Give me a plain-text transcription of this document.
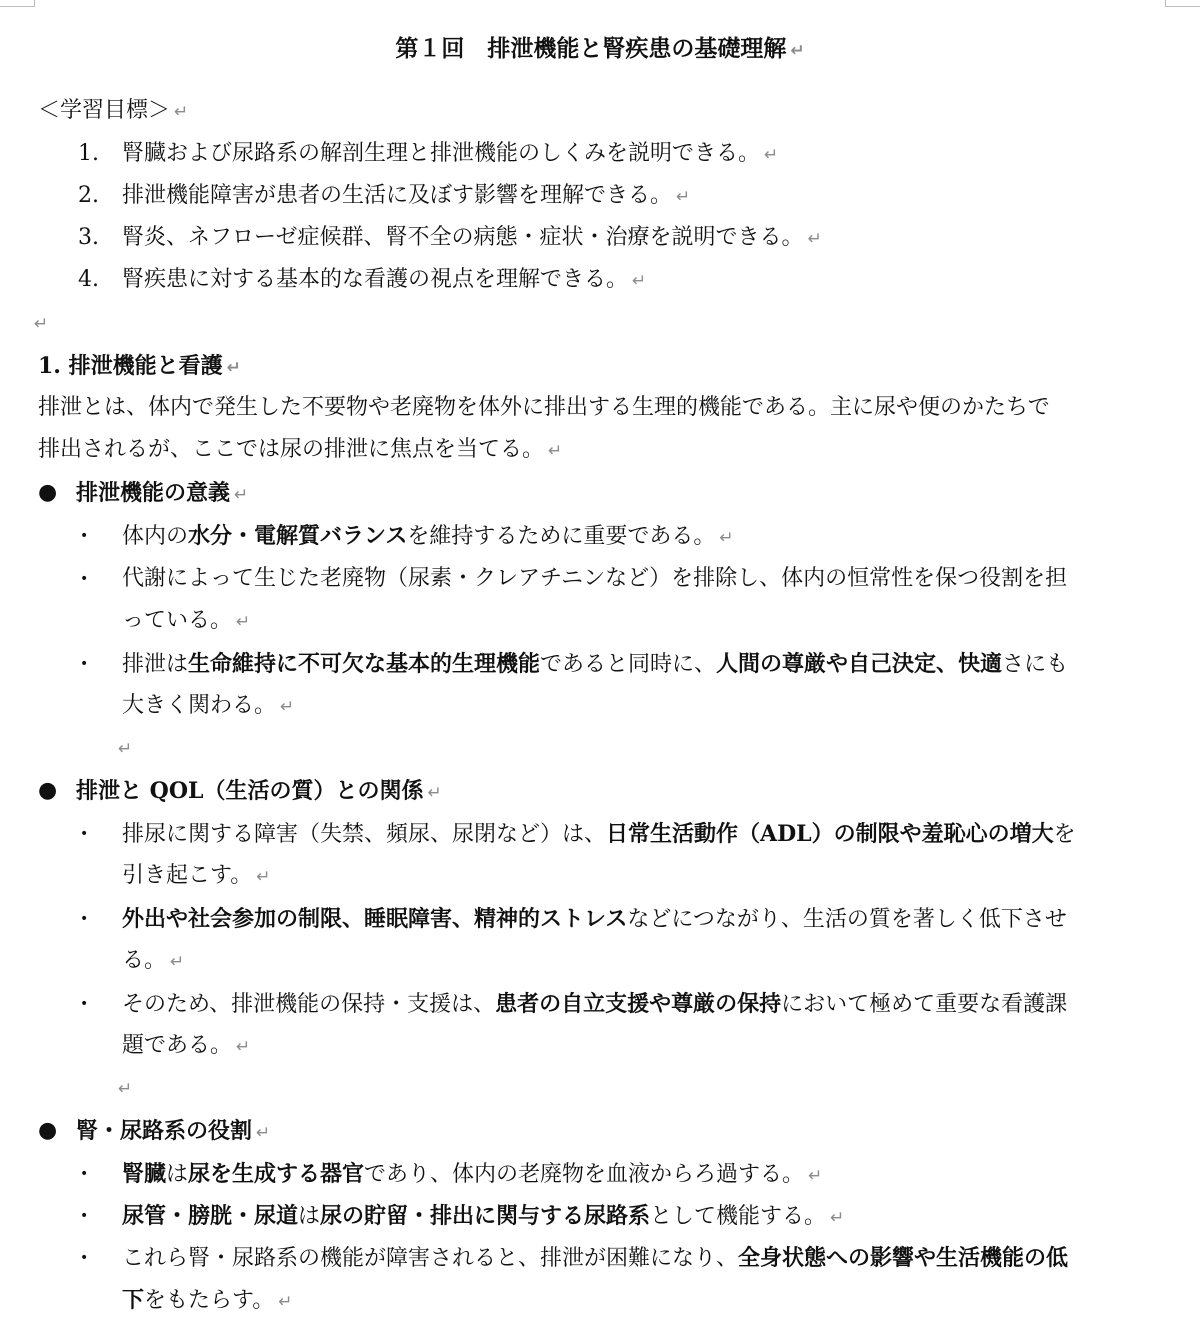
第１回　排泄機能と腎疾患の基礎理解 ↵
＜学習目標＞ ↵
1. 腎臓および尿路系の解剖生理と排泄機能のしくみを説明できる。 ↵
2. 排泄機能障害が患者の生活に及ぼす影響を理解できる。 ↵
3. 腎炎、ネフローゼ症候群、腎不全の病態・症状・治療を説明できる。 ↵
4. 腎疾患に対する基本的な看護の視点を理解できる。 ↵
↵
1. 排泄機能と看護 ↵
排泄とは、体内で発生した不要物や老廃物を体外に排出する生理的機能である。主に尿や便のかたちで
排出されるが、ここでは尿の排泄に焦点を当てる。 ↵
● 排泄機能の意義 ↵
• 体内の水分・電解質バランスを維持するために重要である。 ↵
• 代謝によって生じた老廃物（尿素・クレアチニンなど）を排除し、体内の恒常性を保つ役割を担
っている。 ↵
• 排泄は生命維持に不可欠な基本的生理機能であると同時に、人間の尊厳や自己決定、快適さにも
大きく関わる。 ↵
↵
● 排泄と QOL（生活の質）との関係 ↵
• 排尿に関する障害（失禁、頻尿、尿閉など）は、日常生活動作（ADL）の制限や羞恥心の増大を
引き起こす。 ↵
• 外出や社会参加の制限、睡眠障害、精神的ストレスなどにつながり、生活の質を著しく低下させ
る。 ↵
• そのため、排泄機能の保持・支援は、患者の自立支援や尊厳の保持において極めて重要な看護課
題である。 ↵
↵
● 腎・尿路系の役割 ↵
• 腎臓は尿を生成する器官であり、体内の老廃物を血液からろ過する。 ↵
• 尿管・膀胱・尿道は尿の貯留・排出に関与する尿路系として機能する。 ↵
• これら腎・尿路系の機能が障害されると、排泄が困難になり、全身状態への影響や生活機能の低
下をもたらす。 ↵
